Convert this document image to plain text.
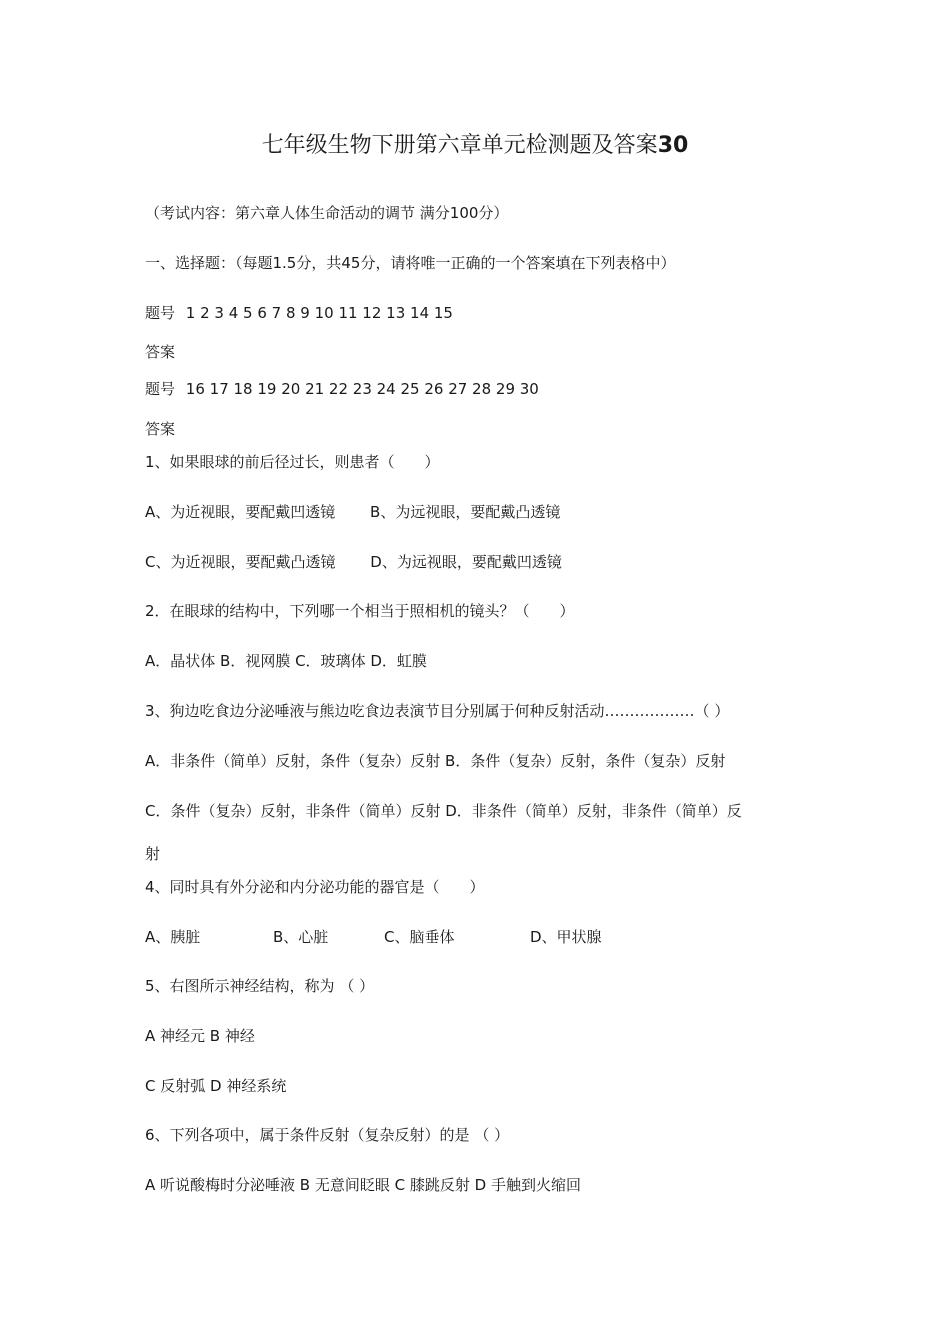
七年级生物下册第六章单元检测题及答案30
（考试内容：第六章人体生命活动的调节 满分100分）
一、选择题：（每题1.5分，共45分，请将唯一正确的一个答案填在下列表格中）
题号 1 2 3 4 5 6 7 8 9 10 11 12 13 14 15
答案
题号 16 17 18 19 20 21 22 23 24 25 26 27 28 29 30
答案
1、如果眼球的前后径过长，则患者（　　）
A、为近视眼，要配戴凹透镜 B、为远视眼，要配戴凸透镜
C、为近视眼，要配戴凸透镜 D、为远视眼，要配戴凹透镜
2．在眼球的结构中，下列哪一个相当于照相机的镜头？（　　）
A．晶状体 B．视网膜 C．玻璃体 D．虹膜
3、狗边吃食边分泌唾液与熊边吃食边表演节目分别属于何种反射活动………………（ ）
A．非条件（简单）反射，条件（复杂）反射 B．条件（复杂）反射，条件（复杂）反射
C．条件（复杂）反射，非条件（简单）反射 D．非条件（简单）反射，非条件（简单）反
射
4、同时具有外分泌和内分泌功能的器官是（　　）
A、胰脏	B、心脏	C、脑垂体	D、甲状腺
5、右图所示神经结构，称为 （ ）
A 神经元 B 神经
C 反射弧 D 神经系统
6、下列各项中，属于条件反射（复杂反射）的是 （ ）
A 听说酸梅时分泌唾液 B 无意间眨眼 C 膝跳反射 D 手触到火缩回
